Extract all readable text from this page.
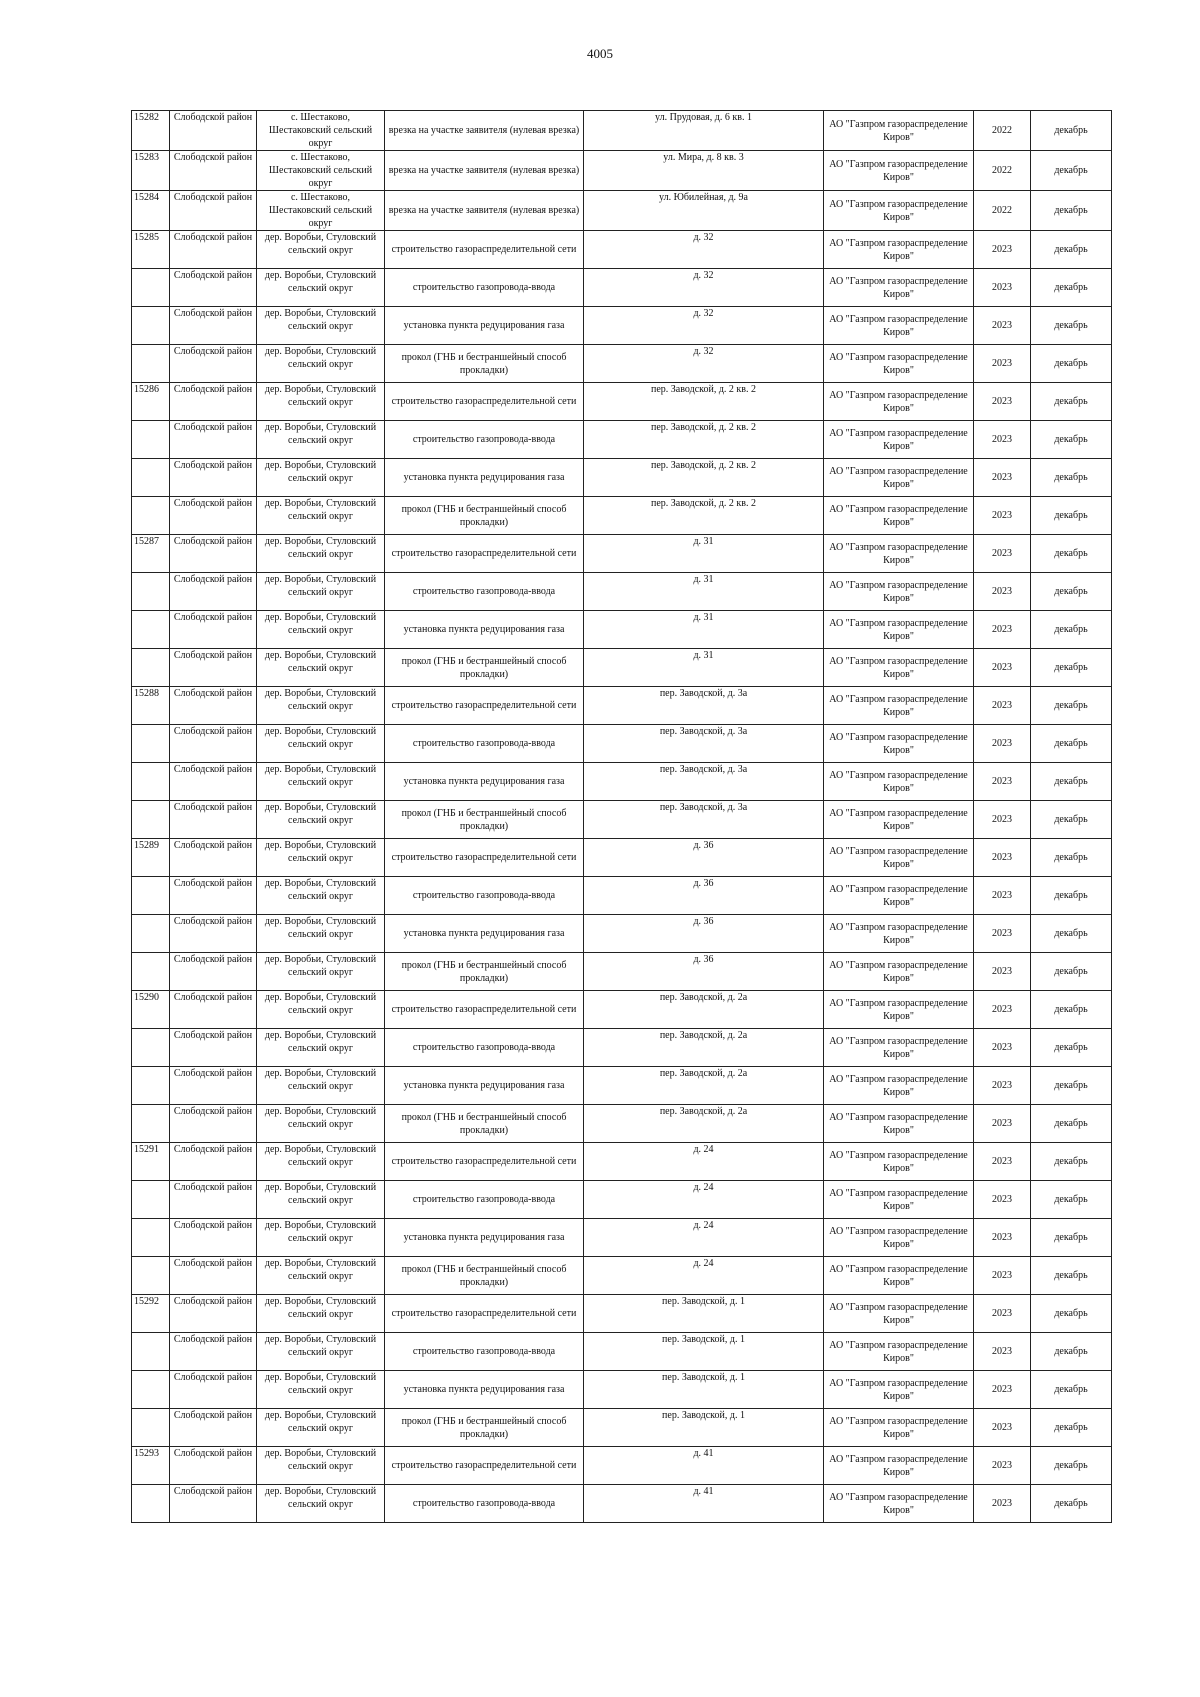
4005
15282	Слободской район	с. Шестаково, Шестаковский сельский округ	врезка на участке заявителя (нулевая врезка)	ул. Прудовая, д. 6 кв. 1	АО "Газпром газораспределение Киров"	2022	декабрь
15283	Слободской район	с. Шестаково, Шестаковский сельский округ	врезка на участке заявителя (нулевая врезка)	ул. Мира, д. 8 кв. 3	АО "Газпром газораспределение Киров"	2022	декабрь
15284	Слободской район	с. Шестаково, Шестаковский сельский округ	врезка на участке заявителя (нулевая врезка)	ул. Юбилейная, д. 9а	АО "Газпром газораспределение Киров"	2022	декабрь
15285	Слободской район	дер. Воробьи, Стуловский сельский округ	строительство газораспределительной сети	д. 32	АО "Газпром газораспределение Киров"	2023	декабрь
	Слободской район	дер. Воробьи, Стуловский сельский округ	строительство газопровода-ввода	д. 32	АО "Газпром газораспределение Киров"	2023	декабрь
	Слободской район	дер. Воробьи, Стуловский сельский округ	установка пункта редуцирования газа	д. 32	АО "Газпром газораспределение Киров"	2023	декабрь
	Слободской район	дер. Воробьи, Стуловский сельский округ	прокол (ГНБ и бестраншейный способ прокладки)	д. 32	АО "Газпром газораспределение Киров"	2023	декабрь
15286	Слободской район	дер. Воробьи, Стуловский сельский округ	строительство газораспределительной сети	пер. Заводской, д. 2 кв. 2	АО "Газпром газораспределение Киров"	2023	декабрь
	Слободской район	дер. Воробьи, Стуловский сельский округ	строительство газопровода-ввода	пер. Заводской, д. 2 кв. 2	АО "Газпром газораспределение Киров"	2023	декабрь
	Слободской район	дер. Воробьи, Стуловский сельский округ	установка пункта редуцирования газа	пер. Заводской, д. 2 кв. 2	АО "Газпром газораспределение Киров"	2023	декабрь
	Слободской район	дер. Воробьи, Стуловский сельский округ	прокол (ГНБ и бестраншейный способ прокладки)	пер. Заводской, д. 2 кв. 2	АО "Газпром газораспределение Киров"	2023	декабрь
15287	Слободской район	дер. Воробьи, Стуловский сельский округ	строительство газораспределительной сети	д. 31	АО "Газпром газораспределение Киров"	2023	декабрь
	Слободской район	дер. Воробьи, Стуловский сельский округ	строительство газопровода-ввода	д. 31	АО "Газпром газораспределение Киров"	2023	декабрь
	Слободской район	дер. Воробьи, Стуловский сельский округ	установка пункта редуцирования газа	д. 31	АО "Газпром газораспределение Киров"	2023	декабрь
	Слободской район	дер. Воробьи, Стуловский сельский округ	прокол (ГНБ и бестраншейный способ прокладки)	д. 31	АО "Газпром газораспределение Киров"	2023	декабрь
15288	Слободской район	дер. Воробьи, Стуловский сельский округ	строительство газораспределительной сети	пер. Заводской, д. 3а	АО "Газпром газораспределение Киров"	2023	декабрь
	Слободской район	дер. Воробьи, Стуловский сельский округ	строительство газопровода-ввода	пер. Заводской, д. 3а	АО "Газпром газораспределение Киров"	2023	декабрь
	Слободской район	дер. Воробьи, Стуловский сельский округ	установка пункта редуцирования газа	пер. Заводской, д. 3а	АО "Газпром газораспределение Киров"	2023	декабрь
	Слободской район	дер. Воробьи, Стуловский сельский округ	прокол (ГНБ и бестраншейный способ прокладки)	пер. Заводской, д. 3а	АО "Газпром газораспределение Киров"	2023	декабрь
15289	Слободской район	дер. Воробьи, Стуловский сельский округ	строительство газораспределительной сети	д. 36	АО "Газпром газораспределение Киров"	2023	декабрь
	Слободской район	дер. Воробьи, Стуловский сельский округ	строительство газопровода-ввода	д. 36	АО "Газпром газораспределение Киров"	2023	декабрь
	Слободской район	дер. Воробьи, Стуловский сельский округ	установка пункта редуцирования газа	д. 36	АО "Газпром газораспределение Киров"	2023	декабрь
	Слободской район	дер. Воробьи, Стуловский сельский округ	прокол (ГНБ и бестраншейный способ прокладки)	д. 36	АО "Газпром газораспределение Киров"	2023	декабрь
15290	Слободской район	дер. Воробьи, Стуловский сельский округ	строительство газораспределительной сети	пер. Заводской, д. 2а	АО "Газпром газораспределение Киров"	2023	декабрь
	Слободской район	дер. Воробьи, Стуловский сельский округ	строительство газопровода-ввода	пер. Заводской, д. 2а	АО "Газпром газораспределение Киров"	2023	декабрь
	Слободской район	дер. Воробьи, Стуловский сельский округ	установка пункта редуцирования газа	пер. Заводской, д. 2а	АО "Газпром газораспределение Киров"	2023	декабрь
	Слободской район	дер. Воробьи, Стуловский сельский округ	прокол (ГНБ и бестраншейный способ прокладки)	пер. Заводской, д. 2а	АО "Газпром газораспределение Киров"	2023	декабрь
15291	Слободской район	дер. Воробьи, Стуловский сельский округ	строительство газораспределительной сети	д. 24	АО "Газпром газораспределение Киров"	2023	декабрь
	Слободской район	дер. Воробьи, Стуловский сельский округ	строительство газопровода-ввода	д. 24	АО "Газпром газораспределение Киров"	2023	декабрь
	Слободской район	дер. Воробьи, Стуловский сельский округ	установка пункта редуцирования газа	д. 24	АО "Газпром газораспределение Киров"	2023	декабрь
	Слободской район	дер. Воробьи, Стуловский сельский округ	прокол (ГНБ и бестраншейный способ прокладки)	д. 24	АО "Газпром газораспределение Киров"	2023	декабрь
15292	Слободской район	дер. Воробьи, Стуловский сельский округ	строительство газораспределительной сети	пер. Заводской, д. 1	АО "Газпром газораспределение Киров"	2023	декабрь
	Слободской район	дер. Воробьи, Стуловский сельский округ	строительство газопровода-ввода	пер. Заводской, д. 1	АО "Газпром газораспределение Киров"	2023	декабрь
	Слободской район	дер. Воробьи, Стуловский сельский округ	установка пункта редуцирования газа	пер. Заводской, д. 1	АО "Газпром газораспределение Киров"	2023	декабрь
	Слободской район	дер. Воробьи, Стуловский сельский округ	прокол (ГНБ и бестраншейный способ прокладки)	пер. Заводской, д. 1	АО "Газпром газораспределение Киров"	2023	декабрь
15293	Слободской район	дер. Воробьи, Стуловский сельский округ	строительство газораспределительной сети	д. 41	АО "Газпром газораспределение Киров"	2023	декабрь
	Слободской район	дер. Воробьи, Стуловский сельский округ	строительство газопровода-ввода	д. 41	АО "Газпром газораспределение Киров"	2023	декабрь
